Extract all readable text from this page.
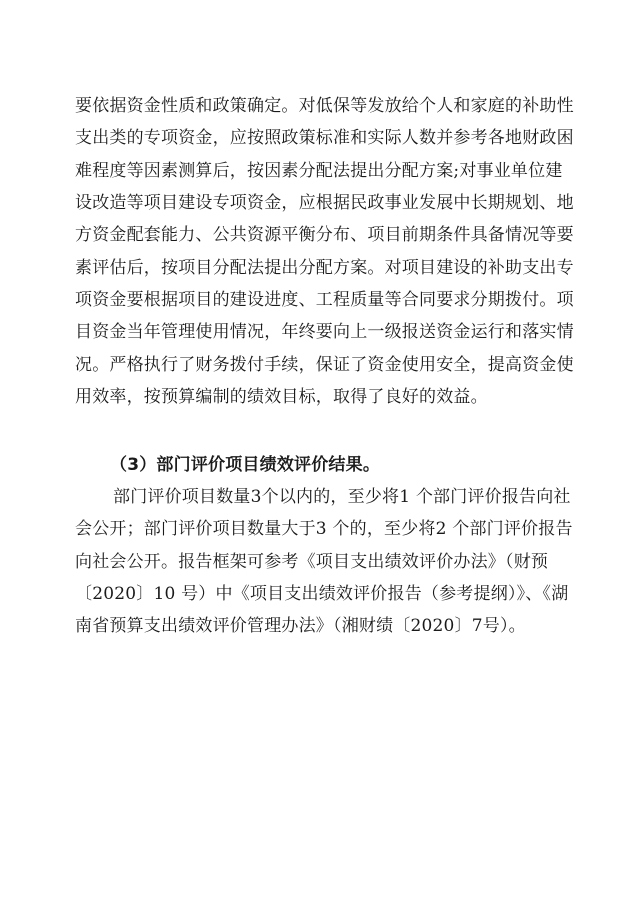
要依据资金性质和政策确定。对低保等发放给个人和家庭的补助性
支出类的专项资金，应按照政策标准和实际人数并参考各地财政困
难程度等因素测算后，按因素分配法提出分配方案;对事业单位建
设改造等项目建设专项资金，应根据民政事业发展中长期规划、地
方资金配套能力、公共资源平衡分布、项目前期条件具备情况等要
素评估后，按项目分配法提出分配方案。对项目建设的补助支出专
项资金要根据项目的建设进度、工程质量等合同要求分期拨付。项
目资金当年管理使用情况，年终要向上一级报送资金运行和落实情
况。严格执行了财务拨付手续，保证了资金使用安全，提高资金使
用效率，按预算编制的绩效目标，取得了良好的效益。
（3）部门评价项目绩效评价结果。
部门评价项目数量3个以内的，至少将1 个部门评价报告向社
会公开；部门评价项目数量大于3 个的，至少将2 个部门评价报告
向社会公开。报告框架可参考《项目支出绩效评价办法》（财预
〔2020〕10 号）中《项目支出绩效评价报告（参考提纲）》、《湖
南省预算支出绩效评价管理办法》（湘财绩〔2020〕7号）。
